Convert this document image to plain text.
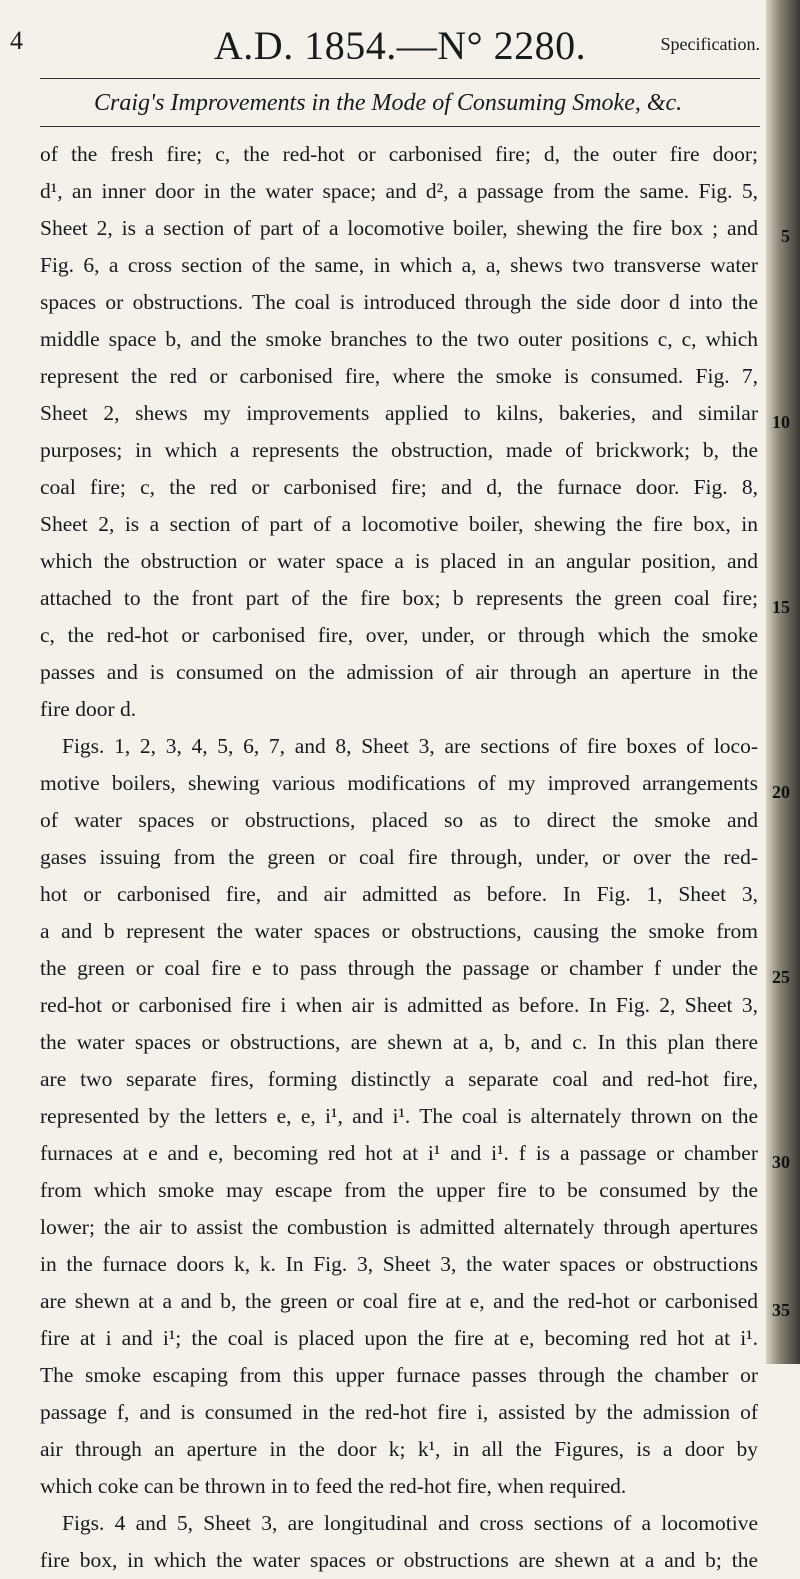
4	A.D. 1854.—N° 2280.	Specification.
Craig's Improvements in the Mode of Consuming Smoke, &c.
of the fresh fire; c, the red-hot or carbonised fire; d, the outer fire door;
d¹, an inner door in the water space; and d², a passage from the same. Fig. 5,
Sheet 2, is a section of part of a locomotive boiler, shewing the fire box ; and
Fig. 6, a cross section of the same, in which a, a, shews two transverse water
spaces or obstructions. The coal is introduced through the side door d into the
middle space b, and the smoke branches to the two outer positions c, c, which
represent the red or carbonised fire, where the smoke is consumed. Fig. 7,
Sheet 2, shews my improvements applied to kilns, bakeries, and similar
purposes; in which a represents the obstruction, made of brickwork; b, the
coal fire; c, the red or carbonised fire; and d, the furnace door. Fig. 8,
Sheet 2, is a section of part of a locomotive boiler, shewing the fire box, in
which the obstruction or water space a is placed in an angular position, and
attached to the front part of the fire box; b represents the green coal fire;
c, the red-hot or carbonised fire, over, under, or through which the smoke
passes and is consumed on the admission of air through an aperture in the
fire door d.
Figs. 1, 2, 3, 4, 5, 6, 7, and 8, Sheet 3, are sections of fire boxes of loco-
motive boilers, shewing various modifications of my improved arrangements
of water spaces or obstructions, placed so as to direct the smoke and
gases issuing from the green or coal fire through, under, or over the red-
hot or carbonised fire, and air admitted as before. In Fig. 1, Sheet 3,
a and b represent the water spaces or obstructions, causing the smoke from
the green or coal fire e to pass through the passage or chamber f under the
red-hot or carbonised fire i when air is admitted as before. In Fig. 2, Sheet 3,
the water spaces or obstructions, are shewn at a, b, and c. In this plan there
are two separate fires, forming distinctly a separate coal and red-hot fire,
represented by the letters e, e, i¹, and i¹. The coal is alternately thrown on the
furnaces at e and e, becoming red hot at i¹ and i¹. f is a passage or chamber
from which smoke may escape from the upper fire to be consumed by the
lower; the air to assist the combustion is admitted alternately through apertures
in the furnace doors k, k. In Fig. 3, Sheet 3, the water spaces or obstructions
are shewn at a and b, the green or coal fire at e, and the red-hot or carbonised
fire at i and i¹; the coal is placed upon the fire at e, becoming red hot at i¹.
The smoke escaping from this upper furnace passes through the chamber or
passage f, and is consumed in the red-hot fire i, assisted by the admission of
air through an aperture in the door k; k¹, in all the Figures, is a door by
which coke can be thrown in to feed the red-hot fire, when required.
Figs. 4 and 5, Sheet 3, are longitudinal and cross sections of a locomotive
fire box, in which the water spaces or obstructions are shewn at a and b; the
5
10
15
20
25
30
35
